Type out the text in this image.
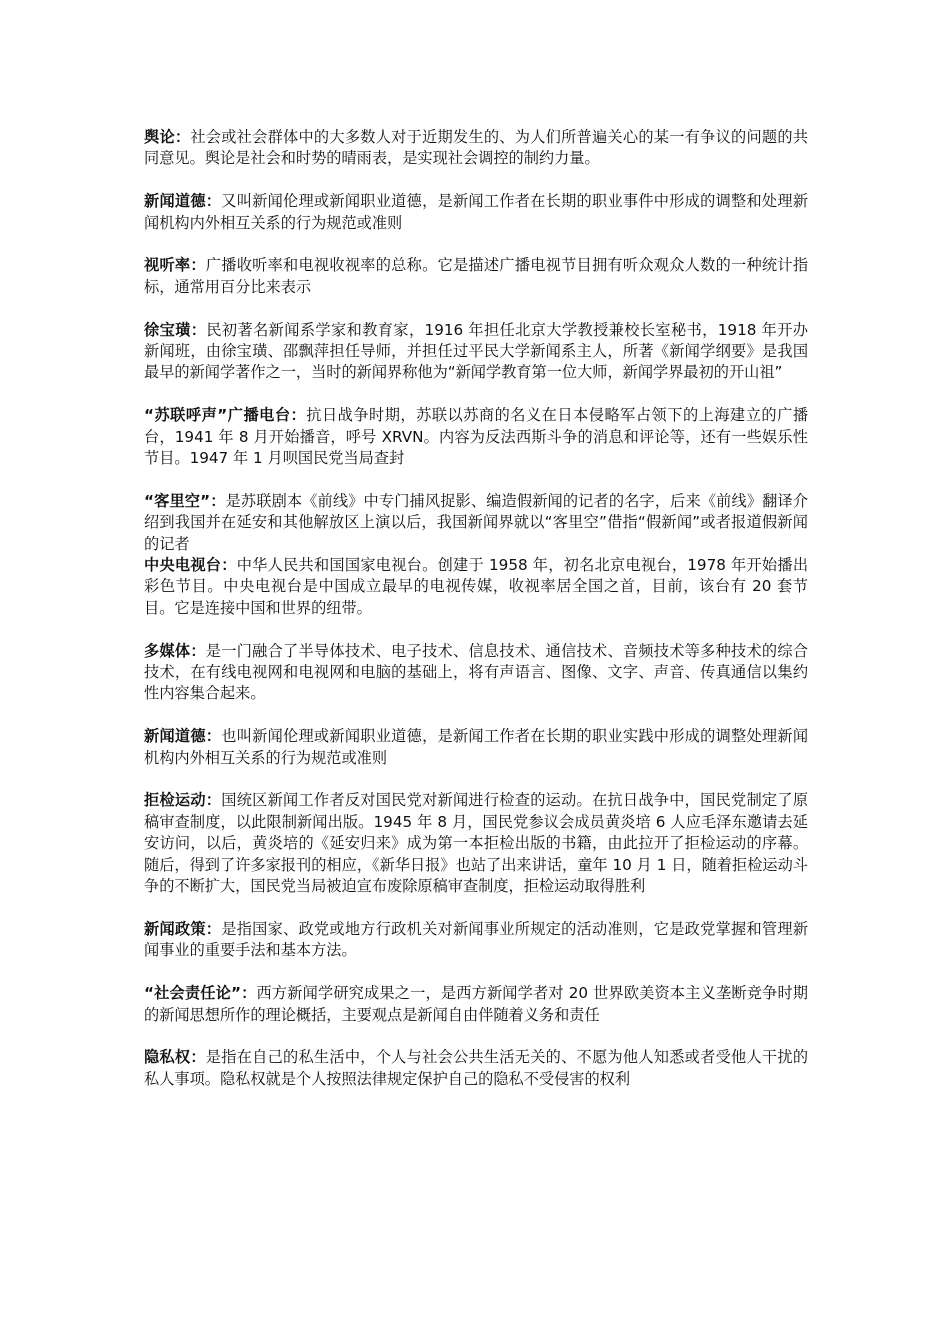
舆论：社会或社会群体中的大多数人对于近期发生的、为人们所普遍关心的某一有争议的问题的共同意见。舆论是社会和时势的晴雨表，是实现社会调控的制约力量。

新闻道德：又叫新闻伦理或新闻职业道德，是新闻工作者在长期的职业事件中形成的调整和处理新闻机构内外相互关系的行为规范或准则

视听率：广播收听率和电视收视率的总称。它是描述广播电视节目拥有听众观众人数的一种统计指标，通常用百分比来表示

徐宝璜：民初著名新闻系学家和教育家，1916 年担任北京大学教授兼校长室秘书，1918 年开办新闻班，由徐宝璜、邵飘萍担任导师，并担任过平民大学新闻系主人，所著《新闻学纲要》是我国最早的新闻学著作之一，当时的新闻界称他为“新闻学教育第一位大师，新闻学界最初的开山祖”

“苏联呼声”广播电台：抗日战争时期，苏联以苏商的名义在日本侵略军占领下的上海建立的广播台，1941 年 8 月开始播音，呼号 XRVN。内容为反法西斯斗争的消息和评论等，还有一些娱乐性节目。1947 年 1 月呗国民党当局查封

“客里空”：是苏联剧本《前线》中专门捕风捉影、编造假新闻的记者的名字，后来《前线》翻译介绍到我国并在延安和其他解放区上演以后，我国新闻界就以“客里空”借指“假新闻”或者报道假新闻的记者

中央电视台：中华人民共和国国家电视台。创建于 1958 年，初名北京电视台，1978 年开始播出彩色节目。中央电视台是中国成立最早的电视传媒，收视率居全国之首，目前，该台有 20 套节目。它是连接中国和世界的纽带。

多媒体：是一门融合了半导体技术、电子技术、信息技术、通信技术、音频技术等多种技术的综合技术，在有线电视网和电视网和电脑的基础上，将有声语言、图像、文字、声音、传真通信以集约性内容集合起来。

新闻道德：也叫新闻伦理或新闻职业道德，是新闻工作者在长期的职业实践中形成的调整处理新闻机构内外相互关系的行为规范或准则

拒检运动：国统区新闻工作者反对国民党对新闻进行检查的运动。在抗日战争中，国民党制定了原稿审查制度，以此限制新闻出版。1945 年 8 月，国民党参议会成员黄炎培 6 人应毛泽东邀请去延安访问，以后，黄炎培的《延安归来》成为第一本拒检出版的书籍，由此拉开了拒检运动的序幕。随后，得到了许多家报刊的相应，《新华日报》也站了出来讲话，童年 10 月 1 日，随着拒检运动斗争的不断扩大，国民党当局被迫宣布废除原稿审查制度，拒检运动取得胜利

新闻政策：是指国家、政党或地方行政机关对新闻事业所规定的活动准则，它是政党掌握和管理新闻事业的重要手法和基本方法。

“社会责任论”：西方新闻学研究成果之一，是西方新闻学者对 20 世界欧美资本主义垄断竞争时期的新闻思想所作的理论概括，主要观点是新闻自由伴随着义务和责任

隐私权：是指在自己的私生活中，个人与社会公共生活无关的、不愿为他人知悉或者受他人干扰的私人事项。隐私权就是个人按照法律规定保护自己的隐私不受侵害的权利
